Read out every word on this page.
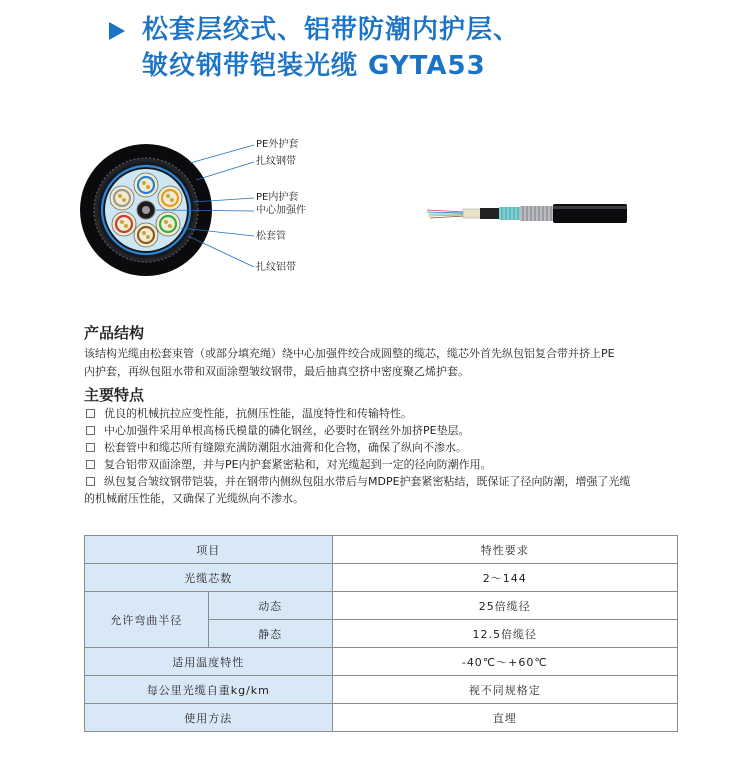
松套层绞式、铝带防潮内护层、
皱纹钢带铠装光缆 GYTA53
PE外护套
扎纹钢带
PE内护套
中心加强件
松套管
扎纹铝带
产品结构
该结构光缆由松套束管（或部分填充绳）绕中心加强件绞合成圆整的缆芯，缆芯外首先纵包铝复合带并挤上PE
内护套，再纵包阻水带和双面涂塑皱纹钢带，最后抽真空挤中密度聚乙烯护套。
主要特点
优良的机械抗拉应变性能，抗侧压性能，温度特性和传输特性。
中心加强件采用单根高杨氏模量的磷化钢丝，必要时在钢丝外加挤PE垫层。
松套管中和缆芯所有缝隙充满防潮阻水油膏和化合物，确保了纵向不渗水。
复合铝带双面涂塑，并与PE内护套紧密粘和，对光缆起到一定的径向防潮作用。
纵包复合皱纹钢带铠装，并在钢带内侧纵包阻水带后与MDPE护套紧密粘结，既保证了径向防潮，增强了光缆
的机械耐压性能，又确保了光缆纵向不渗水。
项目		特性要求
光缆芯数		2～144
允许弯曲半径	动态	25倍缆径
	静态	12.5倍缆径
适用温度特性		-40℃～+60℃
每公里光缆自重kg/km		视不同规格定
使用方法		直埋
